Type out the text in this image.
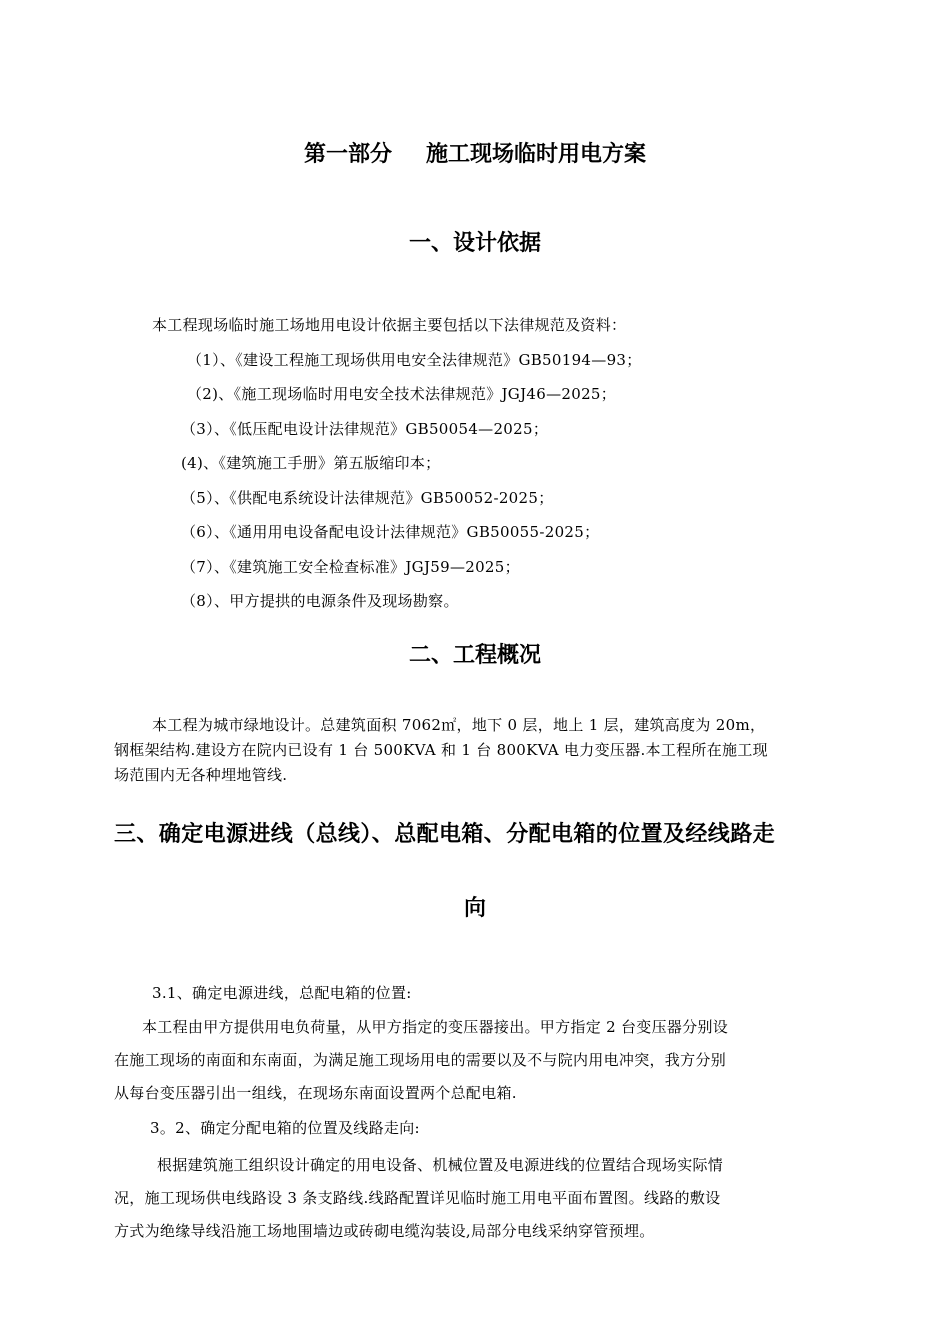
第一部分 施工现场临时用电方案
一、设计依据
本工程现场临时施工场地用电设计依据主要包括以下法律规范及资料：
（1）、《建设工程施工现场供用电安全法律规范》GB50194—93；
（2)、《施工现场临时用电安全技术法律规范》JGJ46—2025；
（3）、《低压配电设计法律规范》GB50054—2025；
(4)、《建筑施工手册》第五版缩印本；
（5）、《供配电系统设计法律规范》GB50052-2025；
（6）、《通用用电设备配电设计法律规范》GB50055-2025；
（7）、《建筑施工安全检查标准》JGJ59—2025；
（8）、甲方提拱的电源条件及现场勘察。
二、工程概况
本工程为城市绿地设计。总建筑面积 7062㎡，地下 0 层，地上 1 层，建筑高度为 20m，
钢框架结构.建设方在院内已设有 1 台 500KVA 和 1 台 800KVA 电力变压器.本工程所在施工现
场范围内无各种埋地管线.
三、确定电源进线（总线）、总配电箱、分配电箱的位置及经线路走
向
3.1、确定电源进线，总配电箱的位置:
本工程由甲方提供用电负荷量，从甲方指定的变压器接出。甲方指定 2 台变压器分别设
在施工现场的南面和东南面，为满足施工现场用电的需要以及不与院内用电冲突，我方分别
从每台变压器引出一组线，在现场东南面设置两个总配电箱.
3。2、确定分配电箱的位置及线路走向:
根据建筑施工组织设计确定的用电设备、机械位置及电源进线的位置结合现场实际情
况，施工现场供电线路设 3 条支路线.线路配置详见临时施工用电平面布置图。线路的敷设
方式为绝缘导线沿施工场地围墙边或砖砌电缆沟装设,局部分电线采纳穿管预埋。
